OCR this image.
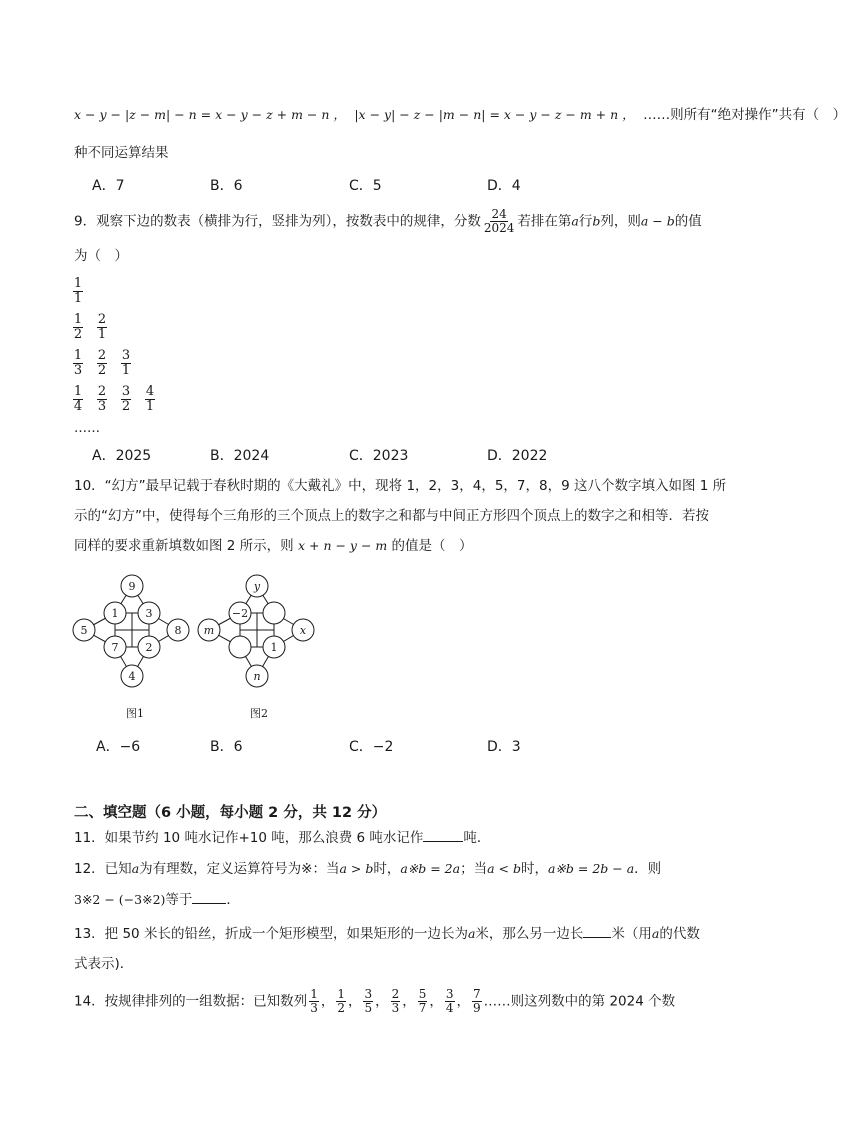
x − y − |z − m| − n = x − y − z + m − n ， |x − y| − z − |m − n| = x − y − z − m + n ， ……则所有“绝对操作”共有（　）
种不同运算结果
A．7	B．6	C．5	D．4
9．观察下边的数表（横排为行，竖排为列），按数表中的规律，分数 $\frac{24}{2024}$ 若排在第a行b列，则a − b的值
为（　）
$\frac{1}{1}$
$\frac{1}{2} \frac{2}{1}$
$\frac{1}{3} \frac{2}{2} \frac{3}{1}$
$\frac{1}{4} \frac{2}{3} \frac{3}{2} \frac{4}{1}$
……
A．2025	B．2024	C．2023	D．2022
10．“幻方”最早记载于春秋时期的《大戴礼》中，现将 1，2，3，4，5，7，8，9 这八个数字填入如图 1 所
示的“幻方”中，使得每个三角形的三个顶点上的数字之和都与中间正方形四个顶点上的数字之和相等．若按
同样的要求重新填数如图 2 所示，则 x + n − y − m 的值是（　）
9
1 3
5	8
7 2
4
图1
y
−2
m	x
1
n
图2
A．−6	B．6	C．−2	D．3
二、填空题（6 小题，每小题 2 分，共 12 分）
11．如果节约 10 吨水记作+10 吨，那么浪费 6 吨水记作	吨．
12．已知a为有理数，定义运算符号为※：当a > b时，a※b = 2a；当a < b时，a※b = 2b − a．则
3※2 − (−3※2)等于	．
13．把 50 米长的铅丝，折成一个矩形模型，如果矩形的一边长为a米，那么另一边长 米（用a的代数
式表示)．
14．按规律排列的一组数据：已知数列 $\frac{1}{3}$ ， $\frac{1}{2}$ ， $\frac{3}{5}$ ， $\frac{2}{3}$ ， $\frac{5}{7}$ ， $\frac{3}{4}$ ， $\frac{7}{9}$ ……则这列数中的第 2024 个数
